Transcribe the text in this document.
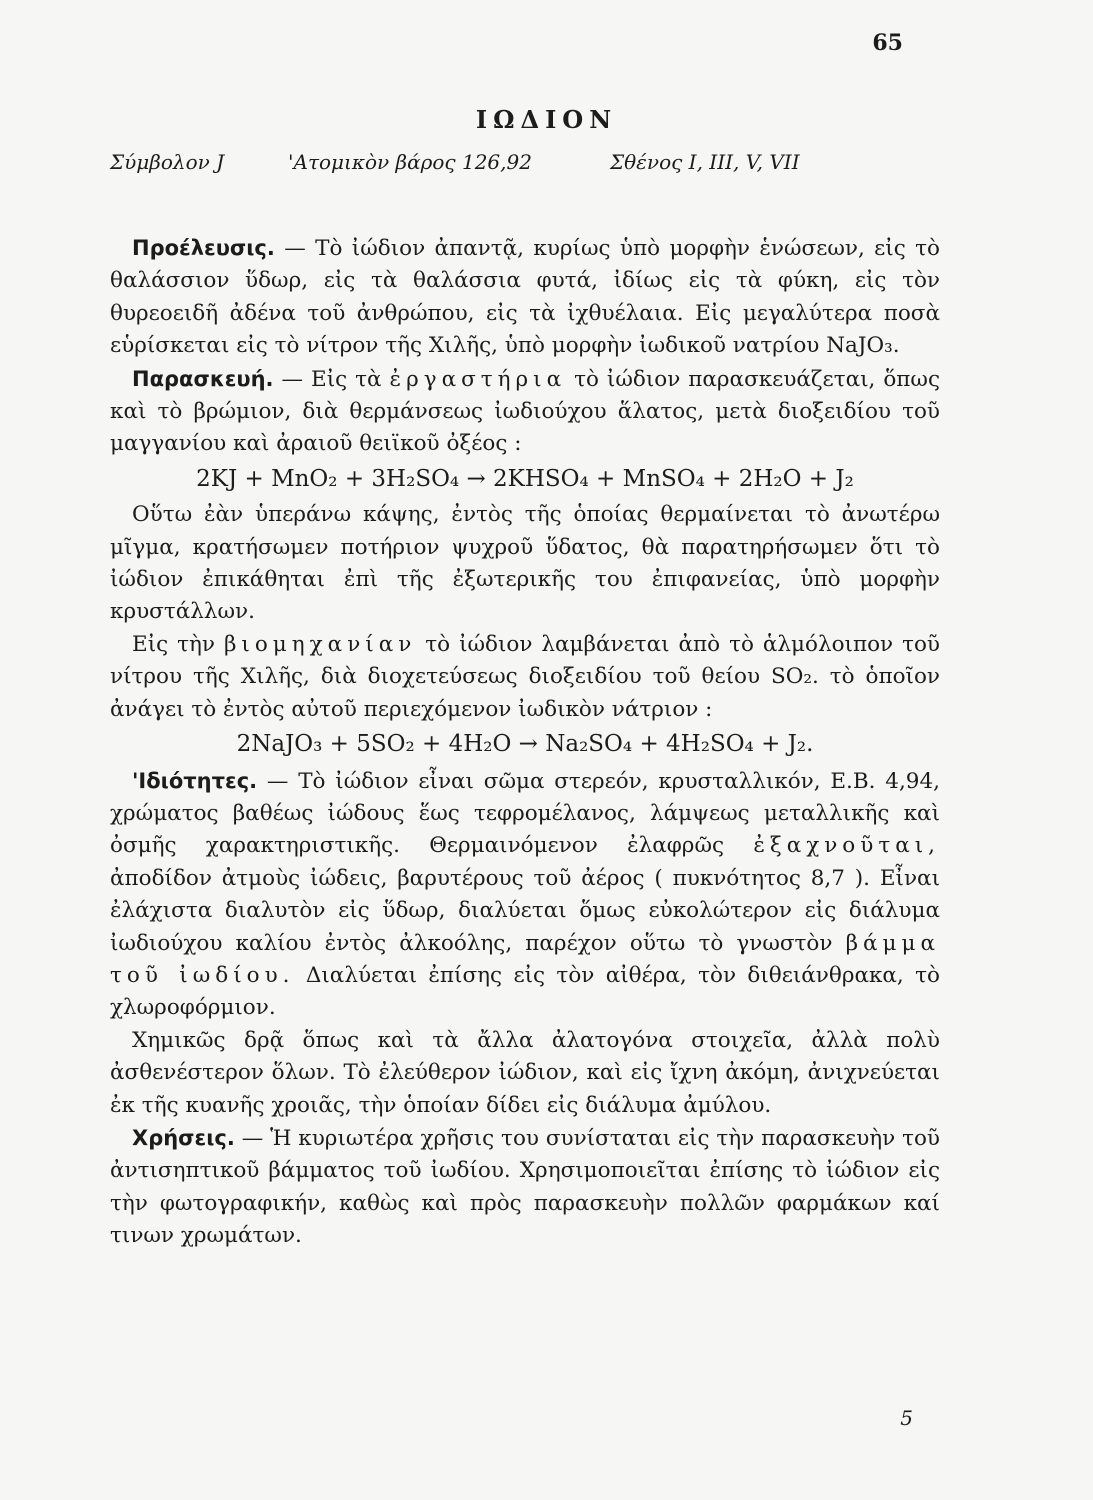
65
ΙΩΔΙΟΝ
Σύμβολον J	'Ατομικὸν βάρος 126,92	Σθένος I, III, V, VII

Προέλευσις. — Τὸ ἰώδιον ἀπαντᾷ, κυρίως ὑπὸ μορφὴν ἑνώσεων, εἰς τὸ θαλάσσιον ὕδωρ, εἰς τὰ θαλάσσια φυτά, ἰδίως εἰς τὰ φύκη, εἰς τὸν θυρεοειδῆ ἀδένα τοῦ ἀνθρώπου, εἰς τὰ ἰχθυέλαια. Εἰς μεγαλύτερα ποσὰ εὑρίσκεται εἰς τὸ νίτρον τῆς Χιλῆς, ὑπὸ μορφὴν ἰωδικοῦ νατρίου NaJO₃.

Παρασκευή. — Εἰς τὰ ἐργαστήρια τὸ ἰώδιον παρασκευάζεται, ὅπως καὶ τὸ βρώμιον, διὰ θερμάνσεως ἰωδιούχου ἅλατος, μετὰ διοξειδίου τοῦ μαγγανίου καὶ ἀραιοῦ θειϊκοῦ ὀξέος :

2KJ + MnO₂ + 3H₂SO₄ → 2KHSO₄ + MnSO₄ + 2H₂O + J₂

Οὕτω ἐὰν ὑπεράνω κάψης, ἐντὸς τῆς ὁποίας θερμαίνεται τὸ ἀνωτέρω μῖγμα, κρατήσωμεν ποτήριον ψυχροῦ ὕδατος, θὰ παρατηρήσωμεν ὅτι τὸ ἰώδιον ἐπικάθηται ἐπὶ τῆς ἐξωτερικῆς του ἐπιφανείας, ὑπὸ μορφὴν κρυστάλλων.

Εἰς τὴν βιομηχανίαν τὸ ἰώδιον λαμβάνεται ἀπὸ τὸ ἁλμόλοιπον τοῦ νίτρου τῆς Χιλῆς, διὰ διοχετεύσεως διοξειδίου τοῦ θείου SO₂. τὸ ὁποῖον ἀνάγει τὸ ἐντὸς αὐτοῦ περιεχόμενον ἰωδικὸν νάτριον :

2NaJO₃ + 5SO₂ + 4H₂O → Na₂SO₄ + 4H₂SO₄ + J₂.

'Ιδιότητες. — Τὸ ἰώδιον εἶναι σῶμα στερεόν, κρυσταλλικόν, Ε.Β. 4,94, χρώματος βαθέως ἰώδους ἕως τεφρομέλανος, λάμψεως μεταλλικῆς καὶ ὀσμῆς χαρακτηριστικῆς. Θερμαινόμενον ἐλαφρῶς ἐξαχνοῦται, ἀποδίδον ἀτμοὺς ἰώδεις, βαρυτέρους τοῦ ἀέρος ( πυκνότητος 8,7 ). Εἶναι ἐλάχιστα διαλυτὸν εἰς ὕδωρ, διαλύεται ὅμως εὐκολώτερον εἰς διάλυμα ἰωδιούχου καλίου ἐντὸς ἀλκοόλης, παρέχον οὕτω τὸ γνωστὸν βάμμα τοῦ ἰωδίου. Διαλύεται ἐπίσης εἰς τὸν αἰθέρα, τὸν διθειάνθρακα, τὸ χλωροφόρμιον.

Χημικῶς δρᾷ ὅπως καὶ τὰ ἄλλα ἀλατογόνα στοιχεῖα, ἀλλὰ πολὺ ἀσθενέστερον ὅλων. Τὸ ἐλεύθερον ἰώδιον, καὶ εἰς ἴχνη ἀκόμη, ἀνιχνεύεται ἐκ τῆς κυανῆς χροιᾶς, τὴν ὁποίαν δίδει εἰς διάλυμα ἀμύλου.

Χρήσεις. — Ἡ κυριωτέρα χρῆσις του συνίσταται εἰς τὴν παρασκευὴν τοῦ ἀντισηπτικοῦ βάμματος τοῦ ἰωδίου. Χρησιμοποιεῖται ἐπίσης τὸ ἰώδιον εἰς τὴν φωτογραφικήν, καθὼς καὶ πρὸς παρασκευὴν πολλῶν φαρμάκων καί τινων χρωμάτων.

5
